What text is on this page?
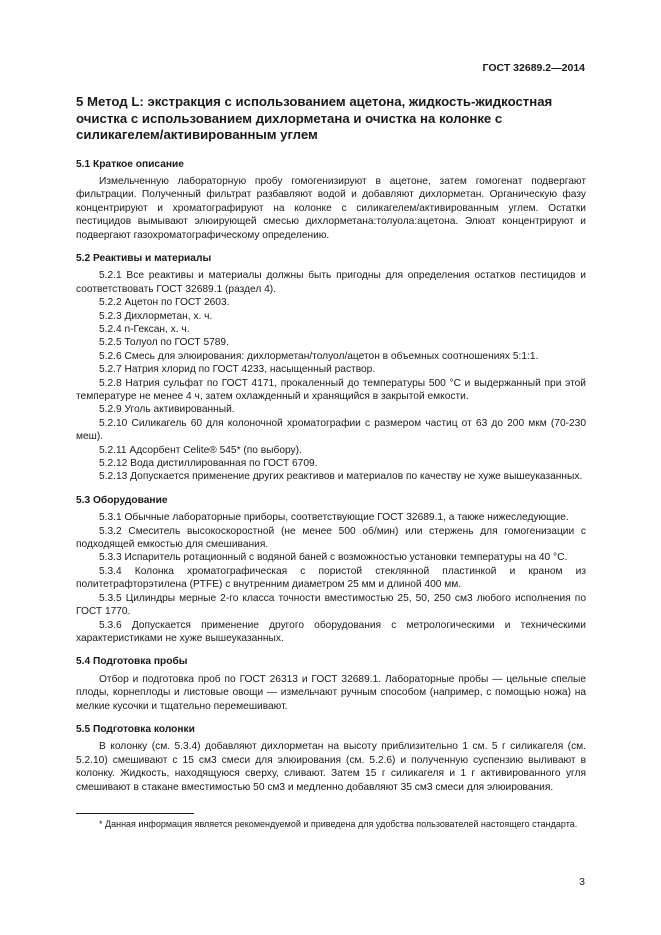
ГОСТ 32689.2—2014
5 Метод L: экстракция с использованием ацетона, жидкость-жидкостная очистка с использованием дихлорметана и очистка на колонке с силикагелем/активированным углем
5.1 Краткое описание

Измельченную лабораторную пробу гомогенизируют в ацетоне, затем гомогенат подвергают фильтрации. Полученный фильтрат разбавляют водой и добавляют дихлорметан. Органическую фазу концентрируют и хроматографируют на колонке с силикагелем/активированным углем. Остатки пестицидов вымывают элюирующей смесью дихлорметана:толуола:ацетона. Элюат концентрируют и подвергают газохроматографическому определению.

5.2 Реактивы и материалы
5.2.1 Все реактивы и материалы должны быть пригодны для определения остатков пестицидов и соответствовать ГОСТ 32689.1 (раздел 4).
5.2.2 Ацетон по ГОСТ 2603.
5.2.3 Дихлорметан, х. ч.
5.2.4 n-Гексан, х. ч.
5.2.5 Толуол по ГОСТ 5789.
5.2.6 Смесь для элюирования: дихлорметан/толуол/ацетон в объемных соотношениях 5:1:1.
5.2.7 Натрия хлорид по ГОСТ 4233, насыщенный раствор.
5.2.8 Натрия сульфат по ГОСТ 4171, прокаленный до температуры 500 °С и выдержанный при этой температуре не менее 4 ч, затем охлажденный и хранящийся в закрытой емкости.
5.2.9 Уголь активированный.
5.2.10 Силикагель 60 для колоночной хроматографии с размером частиц от 63 до 200 мкм (70-230 меш).
5.2.11 Адсорбент Celite® 545* (по выбору).
5.2.12 Вода дистиллированная по ГОСТ 6709.
5.2.13 Допускается применение других реактивов и материалов по качеству не хуже вышеуказанных.
5.3 Оборудование
5.3.1 Обычные лабораторные приборы, соответствующие ГОСТ 32689.1, а также нижеследующие.
5.3.2 Смеситель высокоскоростной (не менее 500 об/мин) или стержень для гомогенизации с подходящей емкостью для смешивания.
5.3.3 Испаритель ротационный с водяной баней с возможностью установки температуры на 40 °С.
5.3.4 Колонка хроматографическая с пористой стеклянной пластинкой и краном из политетрафторэтилена (PTFE) с внутренним диаметром 25 мм и длиной 400 мм.
5.3.5 Цилиндры мерные 2-го класса точности вместимостью 25, 50, 250 см3 любого исполнения по ГОСТ 1770.
5.3.6 Допускается применение другого оборудования с метрологическими и техническими характеристиками не хуже вышеуказанных.
5.4 Подготовка пробы

Отбор и подготовка проб по ГОСТ 26313 и ГОСТ 32689.1. Лабораторные пробы — цельные спелые плоды, корнеплоды и листовые овощи — измельчают ручным способом (например, с помощью ножа) на мелкие кусочки и тщательно перемешивают.

5.5 Подготовка колонки

В колонку (см. 5.3.4) добавляют дихлорметан на высоту приблизительно 1 см. 5 г силикагеля (см. 5.2.10) смешивают с 15 см3 смеси для элюирования (см. 5.2.6) и полученную суспензию выливают в колонку. Жидкость, находящуюся сверху, сливают. Затем 15 г силикагеля и 1 г активированного угля смешивают в стакане вместимостью 50 см3 и медленно добавляют 35 см3 смеси для элюирования.

* Данная информация является рекомендуемой и приведена для удобства пользователей настоящего стандарта.
3
